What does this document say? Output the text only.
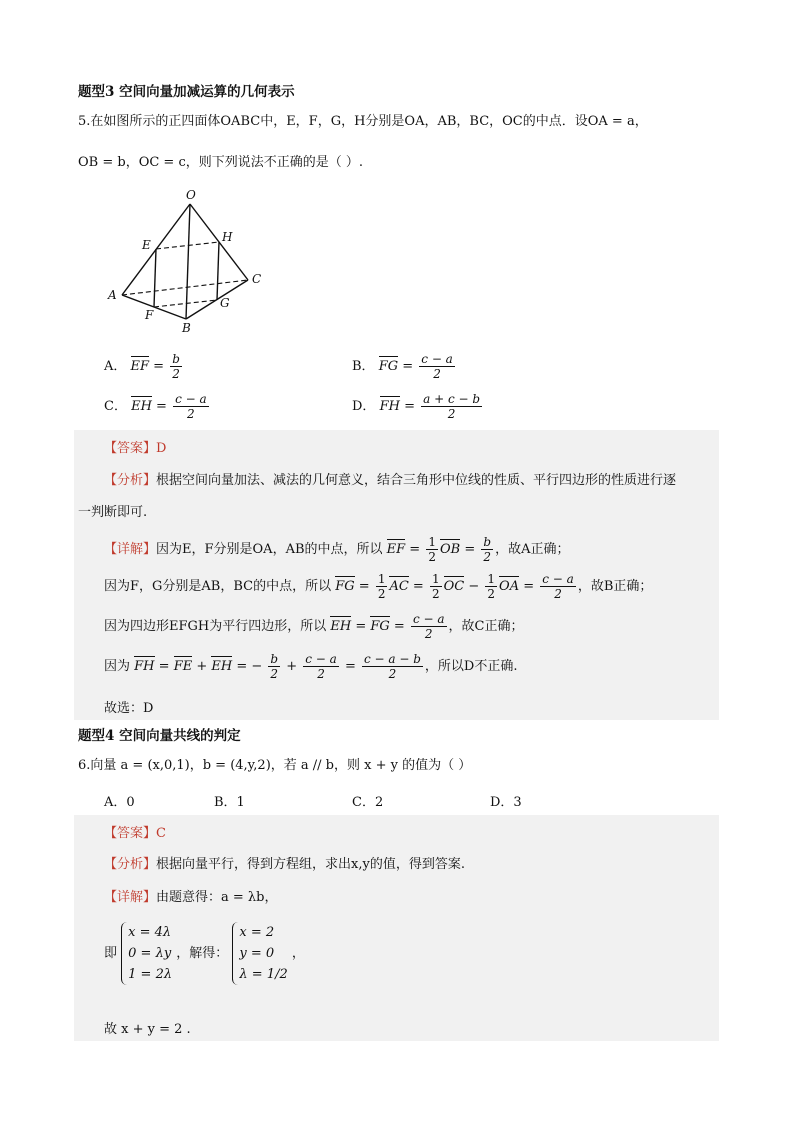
题型3 空间向量加减运算的几何表示
5.在如图所示的正四面体OABC中，E，F，G，H分别是OA，AB，BC，OC的中点．设OA = a，
OB = b，OC = c，则下列说法不正确的是（ ）.
O
A
B
C
E
F
G
H
A． EF = $\frac{b}{2}$	B． FG = $\frac{c - a}{2}$
C． EH = $\frac{c - a}{2}$	D． FH = $\frac{a + c - b}{2}$
【答案】D
【分析】根据空间向量加法、减法的几何意义，结合三角形中位线的性质、平行四边形的性质进行逐
一判断即可.
【详解】因为E，F分别是OA，AB的中点，所以 EF = $\frac{1}{2}$ OB = $\frac{b}{2}$ ，故A正确；
因为F，G分别是AB，BC的中点，所以 FG = $\frac{1}{2}$ AC = $\frac{1}{2}$ OC − $\frac{1}{2}$ OA = $\frac{c - a}{2}$ ，故B正确；
因为四边形EFGH为平行四边形，所以 EH = FG = $\frac{c - a}{2}$ ，故C正确；
因为 FH = FE + EH = − $\frac{b}{2} + \frac{c - a}{2} = \frac{c - a - b}{2}$ ，所以D不正确.
故选：D
题型4 空间向量共线的判定
6.向量 a = (x,0,1)，b = (4,y,2)，若 a // b，则 x + y 的值为（ ）
A．0	B．1	C．2	D．3
【答案】C
【分析】根据向量平行，得到方程组，求出x,y的值，得到答案.
【详解】由题意得：a = λb，
即
x = 4λ
0 = λy
1 = 2λ
，解得：
x = 2
y = 0
λ = 1/2
，
故 x + y = 2 .
